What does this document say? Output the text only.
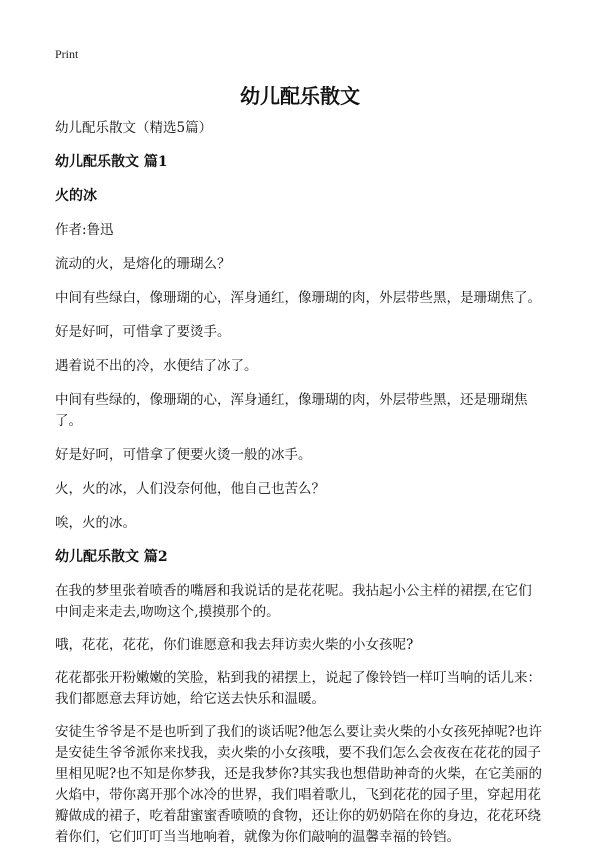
Print
幼儿配乐散文

幼儿配乐散文（精选5篇）

幼儿配乐散文 篇1
火的冰

作者:鲁迅

流动的火，是熔化的珊瑚么？

中间有些绿白，像珊瑚的心，浑身通红，像珊瑚的肉，外层带些黑，是珊瑚焦了。

好是好呵，可惜拿了要烫手。

遇着说不出的冷，水便结了冰了。

中间有些绿的，像珊瑚的心，浑身通红，像珊瑚的肉，外层带些黑，还是珊瑚焦了。

好是好呵，可惜拿了便要火烫一般的冰手。

火，火的冰，人们没奈何他，他自己也苦么？

唉，火的冰。

幼儿配乐散文 篇2

在我的梦里张着喷香的嘴唇和我说话的是花花呢。我拈起小公主样的裙摆,在它们中间走来走去,吻吻这个,摸摸那个的。

哦，花花，花花，你们谁愿意和我去拜访卖火柴的小女孩呢?

花花都张开粉嫩嫩的笑脸，粘到我的裙摆上，说起了像铃铛一样叮当响的话儿来：我们都愿意去拜访她，给它送去快乐和温暖。

安徒生爷爷是不是也听到了我们的谈话呢?他怎么要让卖火柴的小女孩死掉呢?也许是安徒生爷爷派你来找我，卖火柴的小女孩哦，要不我们怎么会夜夜在花花的园子里相见呢?也不知是你梦我，还是我梦你?其实我也想借助神奇的火柴，在它美丽的火焰中，带你离开那个冰冷的世界，我们唱着歌儿，飞到花花的园子里，穿起用花瓣做成的裙子，吃着甜蜜蜜香喷喷的食物，还让你的奶奶陪在你的身边，花花环绕着你们，它们叮叮当当地响着，就像为你们敲响的温馨幸福的铃铛。
